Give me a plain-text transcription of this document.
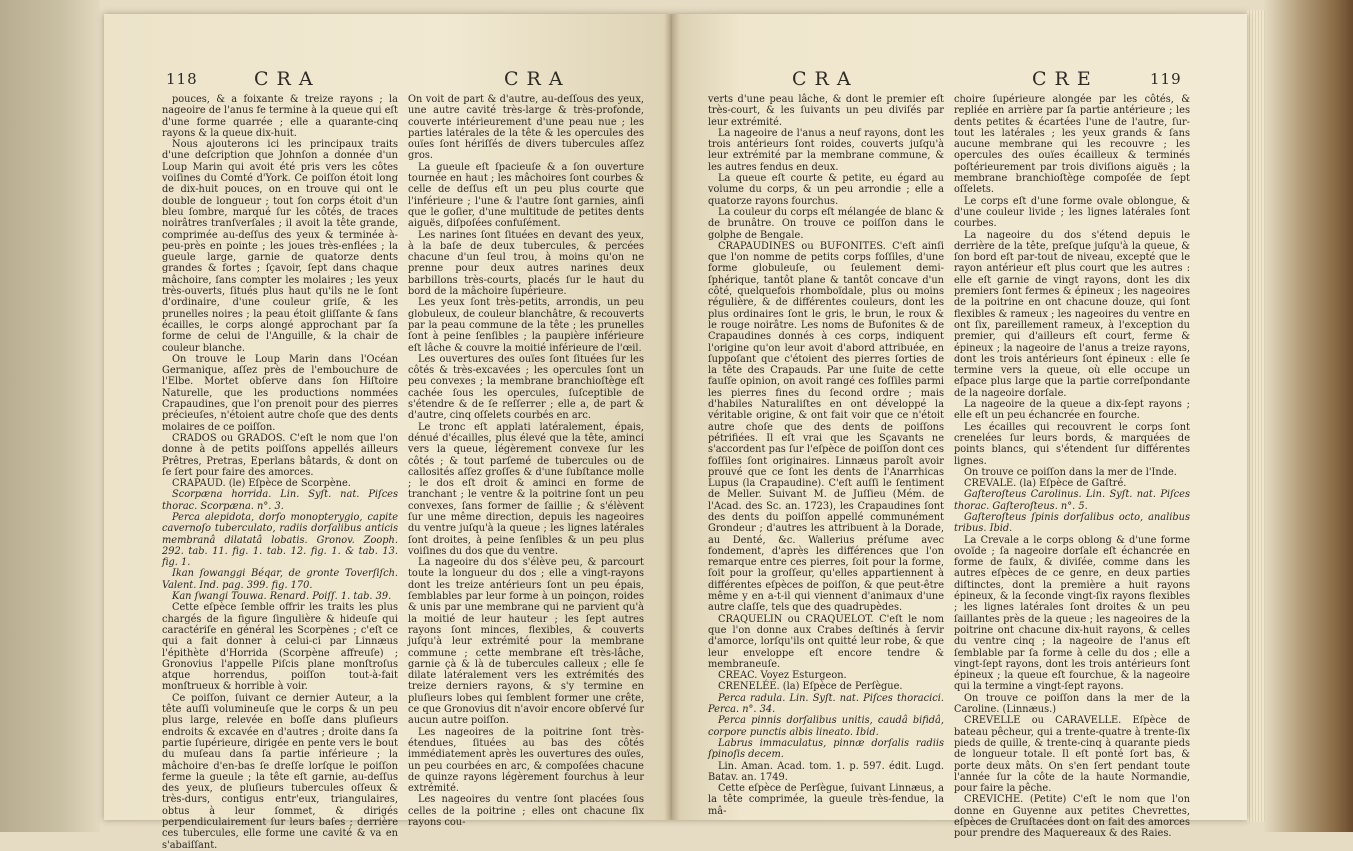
118	CRA	CRA

pouces, & a foixante & treize rayons ; la nageoire de l'anus fe termine à la queue qui eſt d'une forme quarrée ; elle a quarante-cinq rayons & la queue dix-huit.

Nous ajouterons ici les principaux traits d'une deſcription que Johnſon a donnée d'un Loup Marin qui avoit été pris vers les côtes voiſines du Comté d'York. Ce poiſſon étoit long de dix-huit pouces, on en trouve qui ont le double de longueur ; tout ſon corps étoit d'un bleu ſombre, marqué ſur les côtés, de traces noirâtres tranſverſales ; il avoit la tête grande, comprimée au-deſſus des yeux & terminée à-peu-près en pointe ; les joues très-enflées ; la gueule large, garnie de quatorze dents grandes & fortes ; ſçavoir, ſept dans chaque mâchoire, ſans compter les molaires ; les yeux très-ouverts, ſitués plus haut qu'ils ne le ſont d'ordinaire, d'une couleur griſe, & les prunelles noires ; la peau étoit gliſſante & ſans écailles, le corps alongé approchant par ſa forme de celui de l'Anguille, & la chair de couleur blanche.

On trouve le Loup Marin dans l'Océan Germanique, aſſez près de l'embouchure de l'Elbe. Mortet obſerve dans ſon Hiſtoire Naturelle, que les productions nommées Crapaudines, que l'on prenoit pour des pierres précieuſes, n'étoient autre choſe que des dents molaires de ce poiſſon.

CRADOS ou GRADOS. C'eſt le nom que l'on donne à de petits poiſſons appellés ailleurs Prêtres, Pretras, Eperlans bâtards, & dont on ſe ſert pour faire des amorces.

CRAPAUD. (le) Eſpèce de Scorpène.

Scorpæna horrida. Lin. Syſt. nat. Piſces thorac. Scorpæna. n°. 3.

Perca alepidota, dorſo monopterygio, capite cavernoſo tuberculato, radiis dorſalibus anticis membranâ dilatatâ lobatis. Gronov. Zooph. 292. tab. 11. fig. 1. tab. 12. fig. 1. & tab. 13. fig. 1.

Ikan ſowanggi Béqar, de gronte Toverſiſch. Valent. Ind. pag. 399. fig. 170.

Kan ſwangi Touwa. Renard. Poiſſ. 1. tab. 39.

Cette eſpèce ſemble offrir les traits les plus chargés de la figure ſingulière & hideuſe qui caractériſe en général les Scorpènes ; c'eſt ce qui a fait donner à celui-ci par Linnæus l'épithète d'Horrida (Scorpène affreuſe) ; Gronovius l'appelle Piſcis plane monſtroſus atque horrendus, poiſſon tout-à-fait monſtrueux & horrible à voir.

Ce poiſſon, ſuivant ce dernier Auteur, a la tête auſſi volumineuſe que le corps & un peu plus large, relevée en boſſe dans pluſieurs endroits & excavée en d'autres ; droite dans ſa partie ſupérieure, dirigée en pente vers le bout du muſeau dans ſa partie inférieure ; la mâchoire d'en-bas ſe dreſſe lorſque le poiſſon ferme la gueule ; la tête eſt garnie, au-deſſus des yeux, de pluſieurs tubercules oſſeux & très-durs, contigus entr'eux, triangulaires, obtus à leur ſommet, & dirigés perpendiculairement ſur leurs baſes ; derrière ces tubercules, elle forme une cavité & va en s'abaiſſant.

On voit de part & d'autre, au-deſſous des yeux, une autre cavité très-large & très-profonde, couverte intérieurement d'une peau nue ; les parties latérales de la tête & les opercules des ouïes ſont hériſſés de divers tubercules aſſez gros.

La gueule eſt ſpacieuſe & a ſon ouverture tournée en haut ; les mâchoires ſont courbes & celle de deſſus eſt un peu plus courte que l'inférieure ; l'une & l'autre ſont garnies, ainſi que le goſier, d'une multitude de petites dents aiguës, diſpoſées confuſément.

Les narines ſont ſituées en devant des yeux, à la baſe de deux tubercules, & percées chacune d'un ſeul trou, à moins qu'on ne prenne pour deux autres narines deux barbillons très-courts, placés ſur le haut du bord de la mâchoire ſupérieure.

Les yeux ſont très-petits, arrondis, un peu globuleux, de couleur blanchâtre, & recouverts par la peau commune de la tête ; les prunelles ſont à peine ſenſibles ; la paupière inférieure eſt lâche & couvre la moitié inférieure de l'œil.

Les ouvertures des ouïes ſont ſituées ſur les côtés & très-excavées ; les opercules ſont un peu convexes ; la membrane branchioſtège eſt cachée ſous les opercules, ſuſceptible de s'étendre & de ſe reſſerrer ; elle a, de part & d'autre, cinq oſſelets courbés en arc.

Le tronc eſt applati latéralement, épais, dénué d'écailles, plus élevé que la tête, aminci vers la queue, légèrement convexe ſur les côtés ; & tout parſemé de tubercules ou de callosités aſſez groſſes & d'une ſubſtance molle ; le dos eſt droit & aminci en forme de tranchant ; le ventre & la poitrine ſont un peu convexes, ſans former de ſaillie ; & s'élèvent ſur une même direction, depuis les nageoires du ventre juſqu'à la queue ; les lignes latérales ſont droites, à peine ſenſibles & un peu plus voiſines du dos que du ventre.

La nageoire du dos s'élève peu, & parcourt toute la longueur du dos ; elle a vingt-rayons dont les treize antérieurs ſont un peu épais, ſemblables par leur forme à un poinçon, roides & unis par une membrane qui ne parvient qu'à la moitié de leur hauteur ; les ſept autres rayons ſont minces, flexibles, & couverts juſqu'à leur extrémité pour la membrane commune ; cette membrane eſt très-lâche, garnie çà & là de tubercules calleux ; elle ſe dilate latéralement vers les extrémités des treize derniers rayons, & s'y termine en pluſieurs lobes qui ſemblent former une crête, ce que Gronovius dit n'avoir encore obſervé ſur aucun autre poiſſon.

Les nageoires de la poitrine ſont très-étendues, ſituées au bas des côtés immédiatement après les ouvertures des ouïes, un peu courbées en arc, & compoſées chacune de quinze rayons légèrement fourchus à leur extrémité.

Les nageoires du ventre ſont placées ſous celles de la poitrine ; elles ont chacune ſix rayons cou-

CRA	CRE	119

verts d'une peau lâche, & dont le premier eſt très-court, & les ſuivants un peu diviſés par leur extrémité.

La nageoire de l'anus a neuf rayons, dont les trois antérieurs ſont roides, couverts juſqu'à leur extrémité par la membrane commune, & les autres fendus en deux.

La queue eſt courte & petite, eu égard au volume du corps, & un peu arrondie ; elle a quatorze rayons fourchus.

La couleur du corps eſt mélangée de blanc & de brunâtre. On trouve ce poiſſon dans le golphe de Bengale.

CRAPAUDINES ou BUFONITES. C'eſt ainſi que l'on nomme de petits corps foſſiles, d'une forme globuleuſe, ou ſeulement demi-ſphérique, tantôt plane & tantôt concave d'un côté, quelquefois rhomboïdale, plus ou moins régulière, & de différentes couleurs, dont les plus ordinaires ſont le gris, le brun, le roux & le rouge noirâtre. Les noms de Bufonites & de Crapaudines donnés à ces corps, indiquent l'origine qu'on leur avoit d'abord attribuée, en ſuppoſant que c'étoient des pierres ſorties de la tête des Crapauds. Par une ſuite de cette fauſſe opinion, on avoit rangé ces foſſiles parmi les pierres fines du ſecond ordre ; mais d'habiles Naturaliſtes en ont développé la véritable origine, & ont fait voir que ce n'étoit autre choſe que des dents de poiſſons pétrifiées. Il eſt vrai que les Sçavants ne s'accordent pas ſur l'eſpèce de poiſſon dont ces foſſiles ſont originaires. Linnæus paroît avoir prouvé que ce ſont les dents de l'Anarrhicas Lupus (la Crapaudine). C'eſt auſſi le ſentiment de Meller. Suivant M. de Juſſieu (Mém. de l'Acad. des Sc. an. 1723), les Crapaudines ſont des dents du poiſſon appellé communément Grondeur ; d'autres les attribuent à la Dorade, au Denté, &c. Wallerius préſume avec fondement, d'après les différences que l'on remarque entre ces pierres, ſoit pour la forme, ſoit pour la groſſeur, qu'elles appartiennent à différentes eſpèces de poiſſon, & que peut-être même y en a-t-il qui viennent d'animaux d'une autre claſſe, tels que des quadrupèdes.

CRAQUELIN ou CRAQUELOT. C'eſt le nom que l'on donne aux Crabes deſtinés à ſervir d'amorce, lorſqu'ils ont quitté leur robe, & que leur enveloppe eſt encore tendre & membraneuſe.

CREAC. Voyez Esturgeon.

CRENELÉE. (la) Eſpèce de Perſègue.

Perca radula. Lin. Syſt. nat. Piſces thoracici. Perca. n°. 34.

Perca pinnis dorſalibus unitis, caudâ bifidâ, corpore punctis albis lineato. Ibid.

Labrus immaculatus, pinnæ dorſalis radiis ſpinoſis decem.

Lin. Aman. Acad. tom. 1. p. 597. édit. Lugd. Batav. an. 1749.

Cette eſpèce de Perſègue, ſuivant Linnæus, a la tête comprimée, la gueule très-fendue, la mâ-

choire ſupérieure alongée par les côtés, & repliée en arrière par ſa partie antérieure ; les dents petites & écartées l'une de l'autre, ſur-tout les latérales ; les yeux grands & ſans aucune membrane qui les recouvre ; les opercules des ouïes écailleux & terminés poſtérieurement par trois diviſions aiguës ; la membrane branchioſtège compoſée de ſept oſſelets.

Le corps eſt d'une forme ovale oblongue, & d'une couleur livide ; les lignes latérales ſont courbes.

La nageoire du dos s'étend depuis le derrière de la tête, preſque juſqu'à la queue, & ſon bord eſt par-tout de niveau, excepté que le rayon antérieur eſt plus court que les autres : elle eſt garnie de vingt rayons, dont les dix premiers ſont fermes & épineux ; les nageoires de la poitrine en ont chacune douze, qui ſont flexibles & rameux ; les nageoires du ventre en ont ſix, pareillement rameux, à l'exception du premier, qui d'ailleurs eſt court, ferme & épineux ; la nageoire de l'anus a treize rayons, dont les trois antérieurs ſont épineux : elle ſe termine vers la queue, où elle occupe un eſpace plus large que la partie correſpondante de la nageoire dorſale.

La nageoire de la queue a dix-ſept rayons ; elle eſt un peu échancrée en fourche.

Les écailles qui recouvrent le corps ſont crenelées ſur leurs bords, & marquées de points blancs, qui s'étendent ſur différentes lignes.

On trouve ce poiſſon dans la mer de l'Inde.

CREVALE. (la) Eſpèce de Gaſtré.

Gaſteroſteus Carolinus. Lin. Syſt. nat. Piſces thorac. Gaſteroſteus. n°. 5.

Gaſteroſteus ſpinis dorſalibus octo, analibus tribus. Ibid.

La Crevale a le corps oblong & d'une forme ovoïde ; ſa nageoire dorſale eſt échancrée en forme de faulx, & diviſée, comme dans les autres eſpèces de ce genre, en deux parties diſtinctes, dont la première a huit rayons épineux, & la ſeconde vingt-ſix rayons flexibles ; les lignes latérales ſont droites & un peu ſaillantes près de la queue ; les nageoires de la poitrine ont chacune dix-huit rayons, & celles du ventre cinq ; la nageoire de l'anus eſt ſemblable par ſa forme à celle du dos ; elle a vingt-ſept rayons, dont les trois antérieurs ſont épineux ; la queue eſt fourchue, & la nageoire qui la termine a vingt-ſept rayons.

On trouve ce poiſſon dans la mer de la Caroline. (Linnæus.)

CREVELLE ou CARAVELLE. Eſpèce de bateau pêcheur, qui a trente-quatre à trente-ſix pieds de quille, & trente-cinq à quarante pieds de longueur totale. Il eſt ponté ſort bas, & porte deux mâts. On s'en ſert pendant toute l'année ſur la côte de la haute Normandie, pour faire la pêche.

CREVICHE. (Petite) C'eſt le nom que l'on donne en Guyenne aux petites Chevrettes, eſpèces de Cruſtacées dont on fait des amorces pour prendre des Maquereaux & des Raies.
